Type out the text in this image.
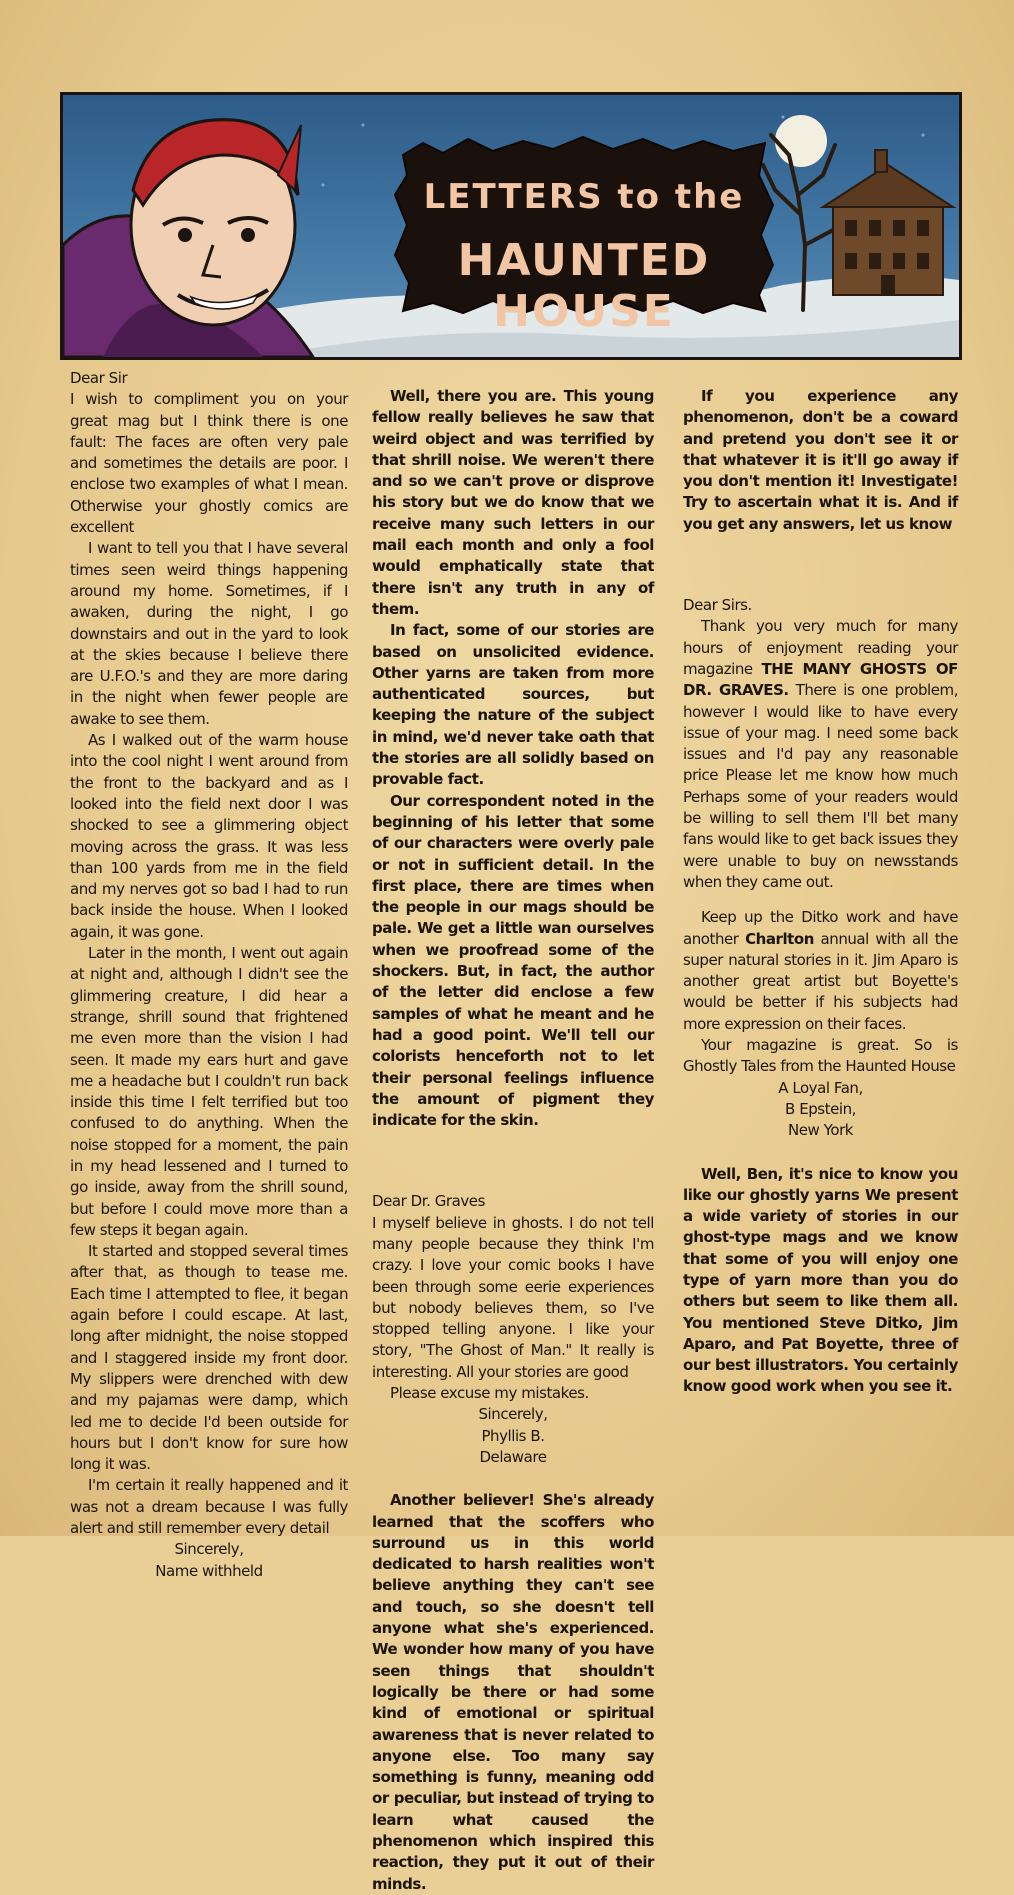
LETTERS to the
HAUNTED HOUSE

Dear Sir

I wish to compliment you on your great mag but I think there is one fault: The faces are often very pale and sometimes the details are poor. I enclose two examples of what I mean. Otherwise your ghostly comics are excellent

I want to tell you that I have several times seen weird things happening around my home. Sometimes, if I awaken, during the night, I go downstairs and out in the yard to look at the skies because I believe there are U.F.O.'s and they are more daring in the night when fewer people are awake to see them.

As I walked out of the warm house into the cool night I went around from the front to the backyard and as I looked into the field next door I was shocked to see a glimmering object moving across the grass. It was less than 100 yards from me in the field and my nerves got so bad I had to run back inside the house. When I looked again, it was gone.

Later in the month, I went out again at night and, although I didn't see the glimmering creature, I did hear a strange, shrill sound that frightened me even more than the vision I had seen. It made my ears hurt and gave me a headache but I couldn't run back inside this time I felt terrified but too confused to do anything. When the noise stopped for a moment, the pain in my head lessened and I turned to go inside, away from the shrill sound, but before I could move more than a few steps it began again.

It started and stopped several times after that, as though to tease me. Each time I attempted to flee, it began again before I could escape. At last, long after midnight, the noise stopped and I staggered inside my front door. My slippers were drenched with dew and my pajamas were damp, which led me to decide I'd been outside for hours but I don't know for sure how long it was.

I'm certain it really happened and it was not a dream because I was fully alert and still remember every detail

Sincerely,

Name withheld

Well, there you are. This young fellow really believes he saw that weird object and was terrified by that shrill noise. We weren't there and so we can't prove or disprove his story but we do know that we receive many such letters in our mail each month and only a fool would emphatically state that there isn't any truth in any of them.

In fact, some of our stories are based on unsolicited evidence. Other yarns are taken from more authenticated sources, but keeping the nature of the subject in mind, we'd never take oath that the stories are all solidly based on provable fact.

Our correspondent noted in the beginning of his letter that some of our characters were overly pale or not in sufficient detail. In the first place, there are times when the people in our mags should be pale. We get a little wan ourselves when we proofread some of the shockers. But, in fact, the author of the letter did enclose a few samples of what he meant and he had a good point. We'll tell our colorists henceforth not to let their personal feelings influence the amount of pigment they indicate for the skin.

Dear Dr. Graves

I myself believe in ghosts. I do not tell many people because they think I'm crazy. I love your comic books I have been through some eerie experiences but nobody believes them, so I've stopped telling anyone. I like your story, "The Ghost of Man." It really is interesting. All your stories are good

Please excuse my mistakes.

Sincerely,

Phyllis B.

Delaware

Another believer! She's already learned that the scoffers who surround us in this world dedicated to harsh realities won't believe anything they can't see and touch, so she doesn't tell anyone what she's experienced. We wonder how many of you have seen things that shouldn't logically be there or had some kind of emotional or spiritual awareness that is never related to anyone else. Too many say something is funny, meaning odd or peculiar, but instead of trying to learn what caused the phenomenon which inspired this reaction, they put it out of their minds.

If you experience any phenomenon, don't be a coward and pretend you don't see it or that whatever it is it'll go away if you don't mention it! Investigate! Try to ascertain what it is. And if you get any answers, let us know

Dear Sirs.

Thank you very much for many hours of enjoyment reading your magazine THE MANY GHOSTS OF DR. GRAVES. There is one problem, however I would like to have every issue of your mag. I need some back issues and I'd pay any reasonable price Please let me know how much Perhaps some of your readers would be willing to sell them I'll bet many fans would like to get back issues they were unable to buy on newsstands when they came out.

Keep up the Ditko work and have another Charlton annual with all the super natural stories in it. Jim Aparo is another great artist but Boyette's would be better if his subjects had more expression on their faces.

Your magazine is great. So is Ghostly Tales from the Haunted House

A Loyal Fan,

B Epstein,

New York

Well, Ben, it's nice to know you like our ghostly yarns We present a wide variety of stories in our ghost-type mags and we know that some of you will enjoy one type of yarn more than you do others but seem to like them all. You mentioned Steve Ditko, Jim Aparo, and Pat Boyette, three of our best illustrators. You certainly know good work when you see it.
